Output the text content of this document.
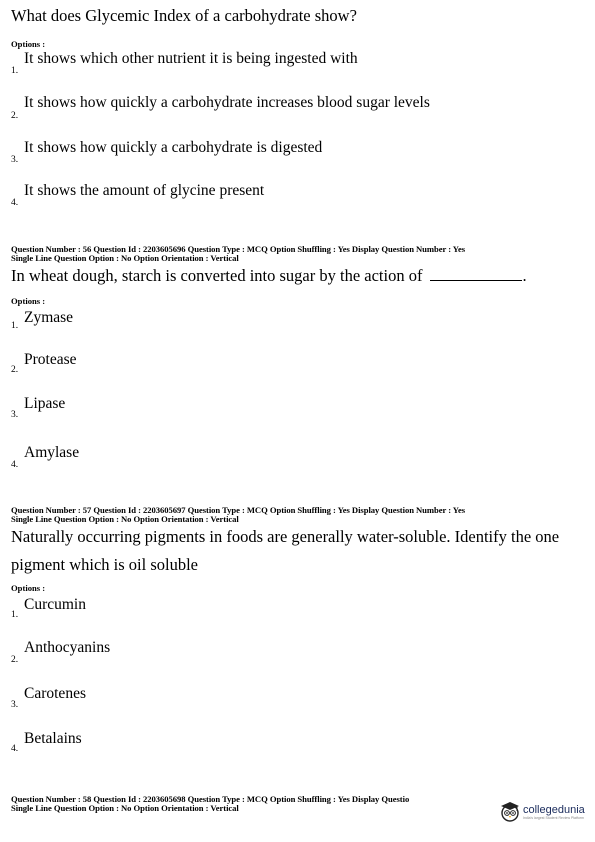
What does Glycemic Index of a carbohydrate show?
Options :
1.
It shows which other nutrient it is being ingested with
2.
It shows how quickly a carbohydrate increases blood sugar levels
3.
It shows how quickly a carbohydrate is digested
4.
It shows the amount of glycine present
Question Number : 56 Question Id : 2203605696 Question Type : MCQ Option Shuffling : Yes Display Question Number : Yes
Single Line Question Option : No Option Orientation : Vertical
In wheat dough, starch is converted into sugar by the action of	.
Options :
1. Zymase
2.
Protease
3.
Lipase
4.
Amylase
Question Number : 57 Question Id : 2203605697 Question Type : MCQ Option Shuffling : Yes Display Question Number : Yes
Single Line Question Option : No Option Orientation : Vertical
Naturally occurring pigments in foods are generally water-soluble. Identify the one
pigment which is oil soluble
Options :
1.
Curcumin
2.
Anthocyanins
3.
Carotenes
4.
Betalains
Question Number : 58 Question Id : 2203605698 Question Type : MCQ Option Shuffling : Yes Display Questio
Single Line Question Option : No Option Orientation : Vertical	collegedunia
India's largest Student Review Platform
